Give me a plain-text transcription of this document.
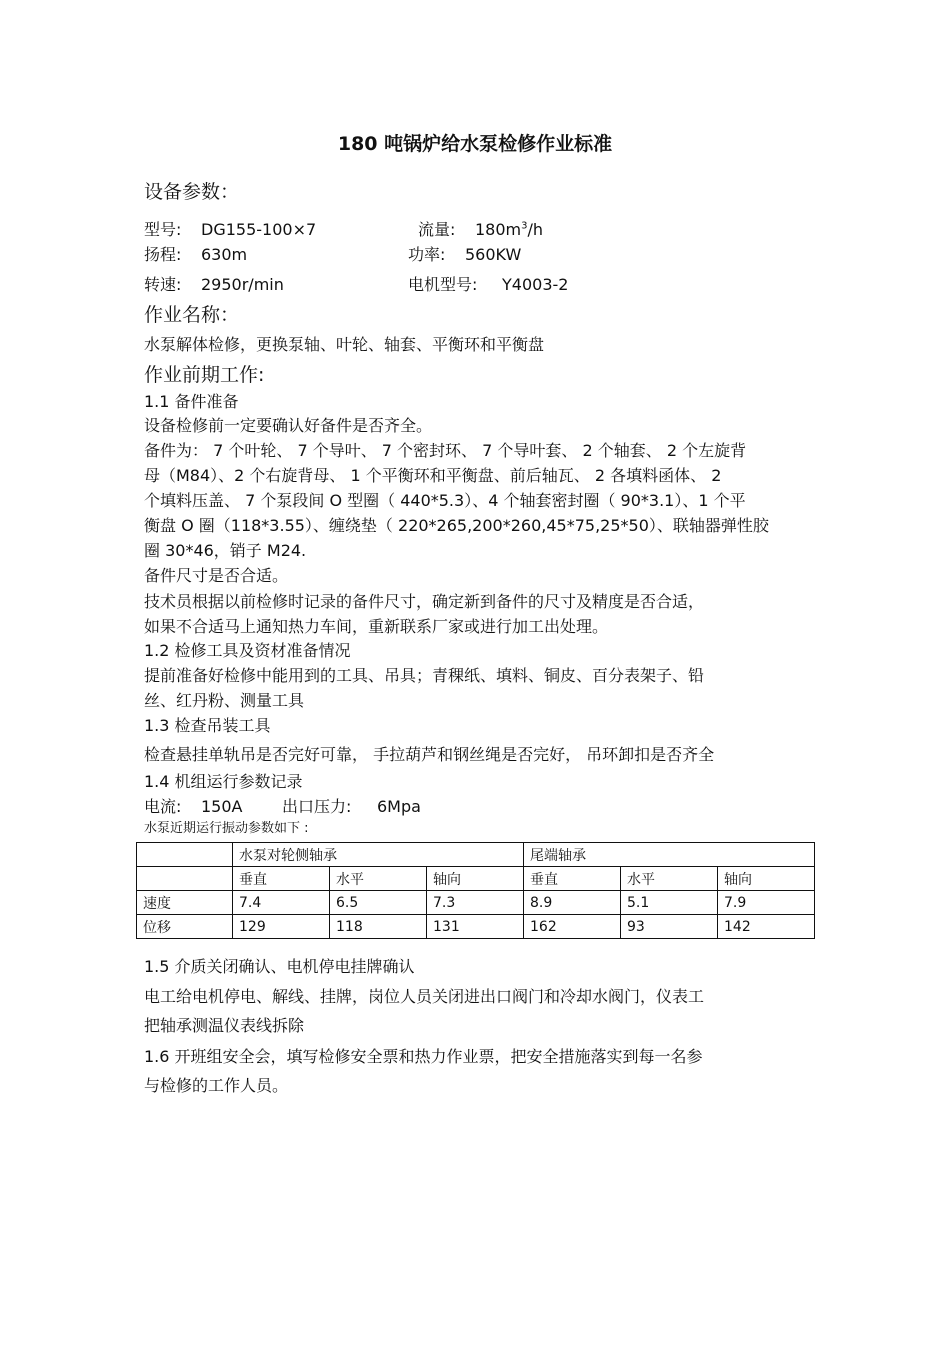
180 吨锅炉给水泵检修作业标准
设备参数：
型号: DG155-100×7	流量: $180m^3/h$
扬程: 630m	功率: 560KW
转速: 2950r/min	电机型号: Y4003-2
作业名称：
水泵解体检修，更换泵轴、叶轮、轴套、平衡环和平衡盘
作业前期工作:
1.1 备件准备
设备检修前一定要确认好备件是否齐全。
备件为： 7 个叶轮、 7 个导叶、 7 个密封环、 7 个导叶套、 2 个轴套、 2 个左旋背
母（M84）、2 个右旋背母、 1 个平衡环和平衡盘、前后轴瓦、 2 各填料函体、 2
个填料压盖、 7 个泵段间 O 型圈（ 440*5.3）、4 个轴套密封圈（ 90*3.1）、1 个平
衡盘 O 圈（118*3.55）、缠绕垫（ 220*265,200*260,45*75,25*50）、联轴器弹性胶
圈 30*46，销子 M24.
备件尺寸是否合适。
技术员根据以前检修时记录的备件尺寸，确定新到备件的尺寸及精度是否合适，
如果不合适马上通知热力车间，重新联系厂家或进行加工出处理。
1.2 检修工具及资材准备情况
提前准备好检修中能用到的工具、吊具；青稞纸、填料、铜皮、百分表架子、铅
丝、红丹粉、测量工具
1.3 检查吊装工具
检查悬挂单轨吊是否完好可靠， 手拉葫芦和钢丝绳是否完好， 吊环卸扣是否齐全
1.4 机组运行参数记录
电流: 150A 出口压力: 6Mpa
水泵近期运行振动参数如下 :
	水泵对轮侧轴承			尾端轴承		
	垂直	水平	轴向	垂直	水平	轴向
速度	7.4	6.5	7.3	8.9	5.1	7.9
位移	129	118	131	162	93	142
1.5 介质关闭确认、电机停电挂牌确认
电工给电机停电、解线、挂牌，岗位人员关闭进出口阀门和冷却水阀门，仪表工
把轴承测温仪表线拆除
1.6 开班组安全会，填写检修安全票和热力作业票，把安全措施落实到每一名参
与检修的工作人员。
